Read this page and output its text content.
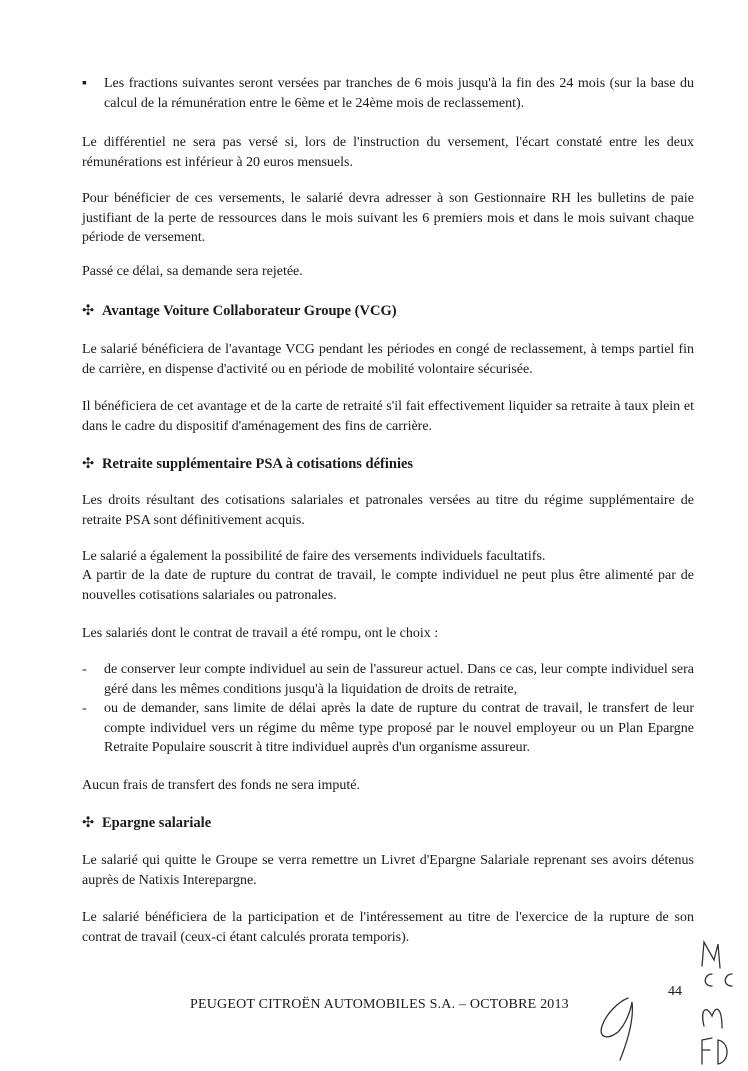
▪	Les fractions suivantes seront versées par tranches de 6 mois jusqu'à la fin des 24 mois (sur la base du calcul de la rémunération entre le 6ème et le 24ème mois de reclassement).

Le différentiel ne sera pas versé si, lors de l'instruction du versement, l'écart constaté entre les deux rémunérations est inférieur à 20 euros mensuels.

Pour bénéficier de ces versements, le salarié devra adresser à son Gestionnaire RH les bulletins de paie justifiant de la perte de ressources dans le mois suivant les 6 premiers mois et dans le mois suivant chaque période de versement.

Passé ce délai, sa demande sera rejetée.

✣ Avantage Voiture Collaborateur Groupe (VCG)

Le salarié bénéficiera de l'avantage VCG pendant les périodes en congé de reclassement, à temps partiel fin de carrière, en dispense d'activité ou en période de mobilité volontaire sécurisée.

Il bénéficiera de cet avantage et de la carte de retraité s'il fait effectivement liquider sa retraite à taux plein et dans le cadre du dispositif d'aménagement des fins de carrière.

✣ Retraite supplémentaire PSA à cotisations définies

Les droits résultant des cotisations salariales et patronales versées au titre du régime supplémentaire de retraite PSA sont définitivement acquis.

Le salarié a également la possibilité de faire des versements individuels facultatifs.

A partir de la date de rupture du contrat de travail, le compte individuel ne peut plus être alimenté par de nouvelles cotisations salariales ou patronales.

Les salariés dont le contrat de travail a été rompu, ont le choix :

- de conserver leur compte individuel au sein de l'assureur actuel. Dans ce cas, leur compte individuel sera géré dans les mêmes conditions jusqu'à la liquidation de droits de retraite,

- ou de demander, sans limite de délai après la date de rupture du contrat de travail, le transfert de leur compte individuel vers un régime du même type proposé par le nouvel employeur ou un Plan Epargne Retraite Populaire souscrit à titre individuel auprès d'un organisme assureur.

Aucun frais de transfert des fonds ne sera imputé.

✣ Epargne salariale

Le salarié qui quitte le Groupe se verra remettre un Livret d'Epargne Salariale reprenant ses avoirs détenus auprès de Natixis Interepargne.

Le salarié bénéficiera de la participation et de l'intéressement au titre de l'exercice de la rupture de son contrat de travail (ceux-ci étant calculés prorata temporis).

44
PEUGEOT CITROËN AUTOMOBILES S.A. – OCTOBRE 2013
